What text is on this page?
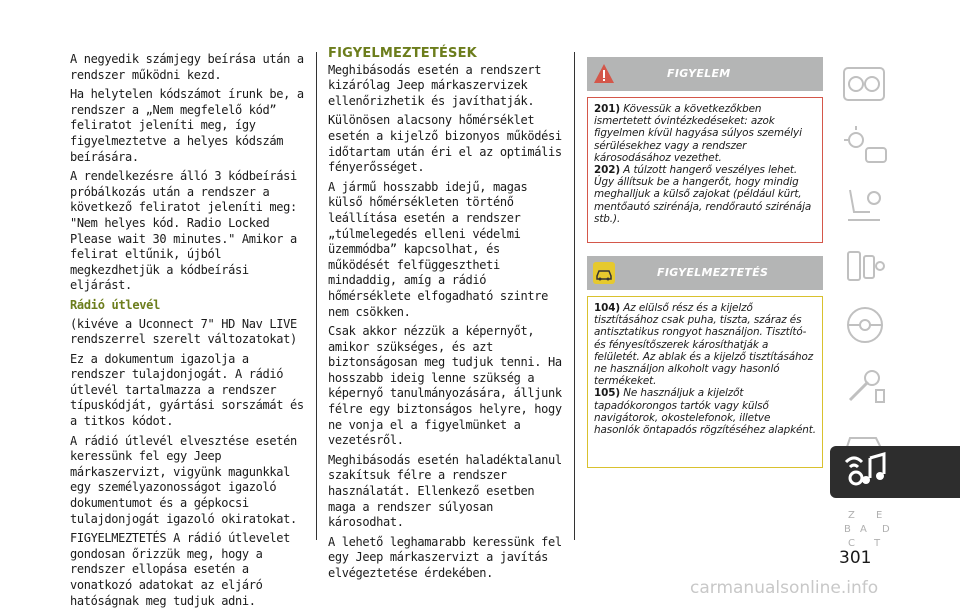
A negyedik számjegy beírása után a rendszer működni kezd.

Ha helytelen kódszámot írunk be, a rendszer a „Nem megfelelő kód” feliratot jeleníti meg, így figyelmeztetve a helyes kódszám beírására.

A rendelkezésre álló 3 kódbeírási próbálkozás után a rendszer a következő feliratot jeleníti meg: "Nem helyes kód. Radio Locked Please wait 30 minutes." Amikor a felirat eltűnik, újból megkezdhetjük a kódbeírási eljárást.

Rádió útlevél

(kivéve a Uconnect 7" HD Nav LIVE rendszerrel szerelt változatokat)

Ez a dokumentum igazolja a rendszer tulajdonjogát. A rádió útlevél tartalmazza a rendszer típuskódját, gyártási sorszámát és a titkos kódot.

A rádió útlevél elvesztése esetén keressünk fel egy Jeep márkaszervizt, vigyünk magunkkal egy személyazonosságot igazoló dokumentumot és a gépkocsi tulajdonjogát igazoló okiratokat.

FIGYELMEZTETÉS A rádió útlevelet gondosan őrizzük meg, hogy a rendszer ellopása esetén a vonatkozó adatokat az eljáró hatóságnak meg tudjuk adni.

FIGYELMEZTETÉSEK

Meghibásodás esetén a rendszert kizárólag Jeep márkaszervizek ellenőrizhetik és javíthatják.

Különösen alacsony hőmérséklet esetén a kijelző bizonyos működési időtartam után éri el az optimális fényerősséget.

A jármű hosszabb idejű, magas külső hőmérsékleten történő leállítása esetén a rendszer „túlmelegedés elleni védelmi üzemmódba” kapcsolhat, és működését felfüggesztheti mindaddig, amíg a rádió hőmérséklete elfogadható szintre nem csökken.

Csak akkor nézzük a képernyőt, amikor szükséges, és azt biztonságosan meg tudjuk tenni. Ha hosszabb ideig lenne szükség a képernyő tanulmányozására, álljunk félre egy biztonságos helyre, hogy ne vonja el a figyelmünket a vezetésről.

Meghibásodás esetén haladéktalanul szakítsuk félre a rendszer használatát. Ellenkező esetben maga a rendszer súlyosan károsodhat.

A lehető leghamarabb keressünk fel egy Jeep márkaszervizt a javítás elvégeztetése érdekében.

FIGYELEM
201) Kövessük a következőkben ismertetett óvintézkedéseket: azok figyelmen kívül hagyása súlyos személyi sérülésekhez vagy a rendszer károsodásához vezethet.
202) A túlzott hangerő veszélyes lehet. Úgy állítsuk be a hangerőt, hogy mindig meghalljuk a külső zajokat (például kürt, mentőautó szirénája, rendőrautó szirénája stb.).
FIGYELMEZTETÉS
104) Az elülső rész és a kijelző tisztításához csak puha, tiszta, száraz és antisztatikus rongyot használjon. Tisztító- és fényesítőszerek károsíthatják a felületét. Az ablak és a kijelző tisztításához ne használjon alkoholt vagy hasonló termékeket.
105) Ne használjuk a kijelzőt tapadókorongos tartók vagy külső navigátorok, okostelefonok, illetve hasonlók öntapadós rögzítéséhez alapként.
Z E
B A D
C T
301
carmanualsonline.info
